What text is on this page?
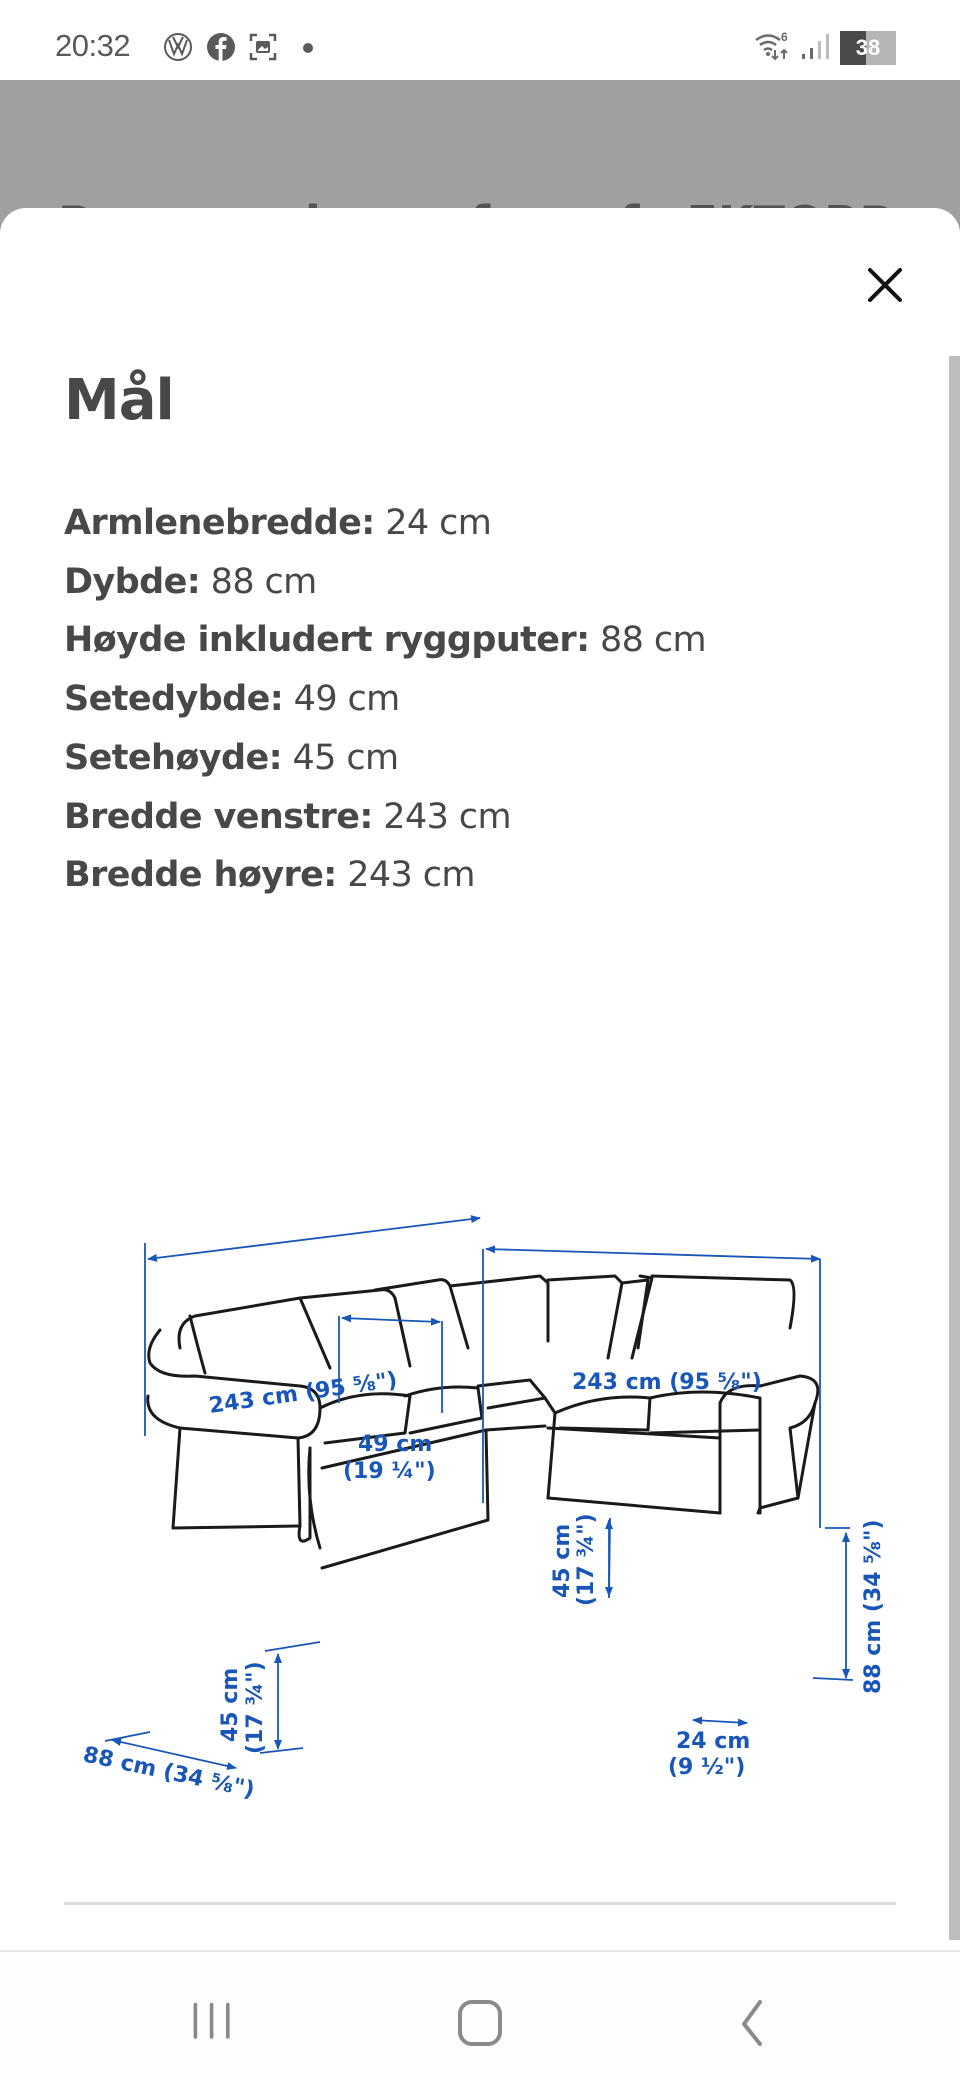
20:32	6	38
Mål
Armlenebredde: 24 cm
Dybde: 88 cm
Høyde inkludert ryggputer: 88 cm
Setedybde: 49 cm
Setehøyde: 45 cm
Bredde venstre: 243 cm
Bredde høyre: 243 cm
243 cm (95 ⅝")	243 cm (95 ⅝")
49 cm
(19 ¼")
45 cm (17 ¾")	88 cm (34 ⅝")
45 cm (17 ¾")
88 cm (34 ⅝")
24 cm
(9 ½")
